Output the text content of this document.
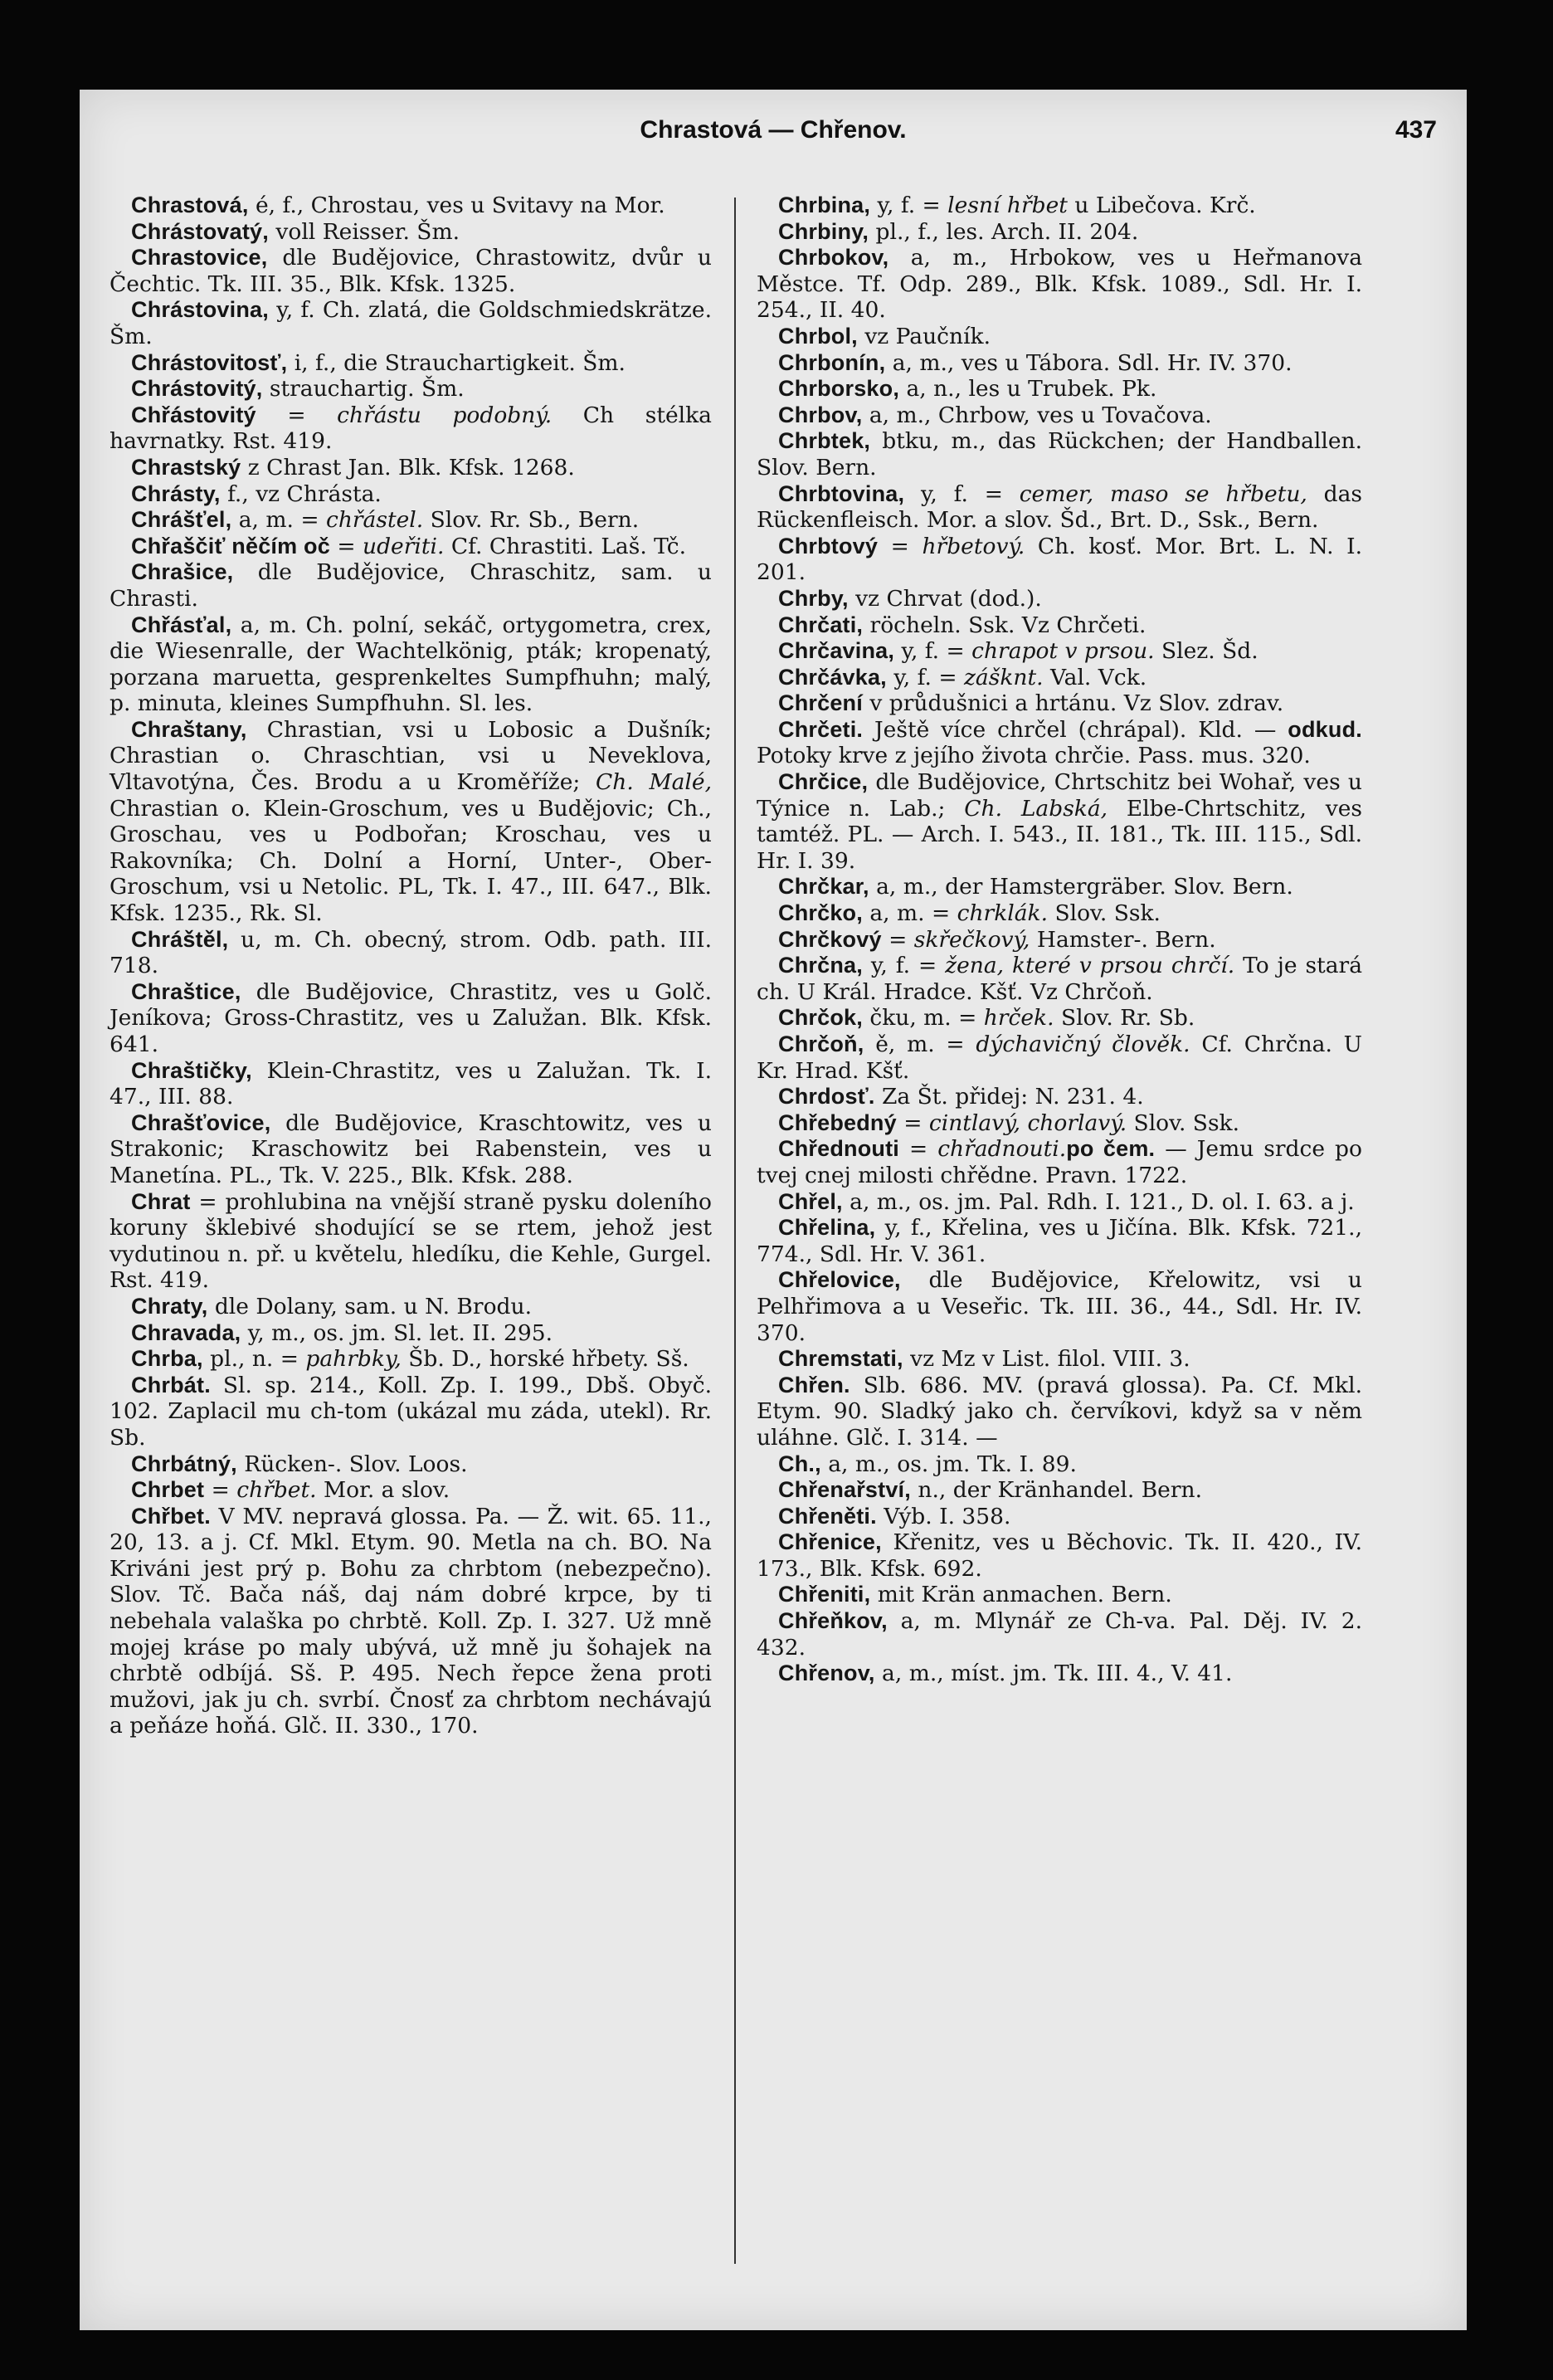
Chrastová — Chřenov.	437

Chrastová, é, f., Chrostau, ves u Svitavy na Mor.

Chrástovatý, voll Reisser. Šm.

Chrastovice, dle Budějovice, Chrastowitz, dvůr u Čechtic. Tk. III. 35., Blk. Kfsk. 1325.

Chrástovina, y, f. Ch. zlatá, die Goldschmiedskrätze. Šm.

Chrástovitosť, i, f., die Strauchartigkeit. Šm.

Chrástovitý, strauchartig. Šm.

Chřástovitý = chřástu podobný. Ch stélka havrnatky. Rst. 419.

Chrastský z Chrast Jan. Blk. Kfsk. 1268.

Chrásty, f., vz Chrásta.

Chrášťel, a, m. = chřástel. Slov. Rr. Sb., Bern.

Chřaščiť něčím oč = udeřiti. Cf. Chrastiti. Laš. Tč.

Chrašice, dle Budějovice, Chraschitz, sam. u Chrasti.

Chřásťal, a, m. Ch. polní, sekáč, ortygometra, crex, die Wiesenralle, der Wachtelkönig, pták; kropenatý, porzana maruetta, gesprenkeltes Sumpfhuhn; malý, p. minuta, kleines Sumpfhuhn. Sl. les.

Chraštany, Chrastian, vsi u Lobosic a Dušník; Chrastian o. Chraschtian, vsi u Neveklova, Vltavotýna, Čes. Brodu a u Kroměříže; Ch. Malé, Chrastian o. Klein-Groschum, ves u Budějovic; Ch., Groschau, ves u Podbořan; Kroschau, ves u Rakovníka; Ch. Dolní a Horní, Unter-, Ober-Groschum, vsi u Netolic. PL, Tk. I. 47., III. 647., Blk. Kfsk. 1235., Rk. Sl.

Chráštěl, u, m. Ch. obecný, strom. Odb. path. III. 718.

Chraštice, dle Budějovice, Chrastitz, ves u Golč. Jeníkova; Gross-Chrastitz, ves u Zalužan. Blk. Kfsk. 641.

Chraštičky, Klein-Chrastitz, ves u Zalužan. Tk. I. 47., III. 88.

Chrašťovice, dle Budějovice, Kraschtowitz, ves u Strakonic; Kraschowitz bei Rabenstein, ves u Manetína. PL., Tk. V. 225., Blk. Kfsk. 288.

Chrat = prohlubina na vnější straně pysku doleního koruny šklebivé shodující se se rtem, jehož jest vydutinou n. př. u květelu, hledíku, die Kehle, Gurgel. Rst. 419.

Chraty, dle Dolany, sam. u N. Brodu.

Chravada, y, m., os. jm. Sl. let. II. 295.

Chrba, pl., n. = pahrbky, Šb. D., horské hřbety. Sš.

Chrbát. Sl. sp. 214., Koll. Zp. I. 199., Dbš. Obyč. 102. Zaplacil mu ch-tom (ukázal mu záda, utekl). Rr. Sb.

Chrbátný, Rücken-. Slov. Loos.

Chrbet = chřbet. Mor. a slov.

Chřbet. V MV. nepravá glossa. Pa. — Ž. wit. 65. 11., 20, 13. a j. Cf. Mkl. Etym. 90. Metla na ch. BO. Na Kriváni jest prý p. Bohu za chrbtom (nebezpečno). Slov. Tč. Bača náš, daj nám dobré krpce, by ti nebehala valaška po chrbtě. Koll. Zp. I. 327. Už mně mojej kráse po maly ubývá, už mně ju šohajek na chrbtě odbíjá. Sš. P. 495. Nech řepce žena proti mužovi, jak ju ch. svrbí. Čnosť za chrbtom nechávajú a peňáze hoňá. Glč. II. 330., 170.

Chrbina, y, f. = lesní hřbet u Libečova. Krč.

Chrbiny, pl., f., les. Arch. II. 204.

Chrbokov, a, m., Hrbokow, ves u Heřmanova Městce. Tf. Odp. 289., Blk. Kfsk. 1089., Sdl. Hr. I. 254., II. 40.

Chrbol, vz Paučník.

Chrbonín, a, m., ves u Tábora. Sdl. Hr. IV. 370.

Chrborsko, a, n., les u Trubek. Pk.

Chrbov, a, m., Chrbow, ves u Tovačova.

Chrbtek, btku, m., das Rückchen; der Handballen. Slov. Bern.

Chrbtovina, y, f. = cemer, maso se hřbetu, das Rückenfleisch. Mor. a slov. Šd., Brt. D., Ssk., Bern.

Chrbtový = hřbetový. Ch. kosť. Mor. Brt. L. N. I. 201.

Chrby, vz Chrvat (dod.).

Chrčati, röcheln. Ssk. Vz Chrčeti.

Chrčavina, y, f. = chrapot v prsou. Slez. Šd.

Chrčávka, y, f. = zášknt. Val. Vck.

Chrčení v průdušnici a hrtánu. Vz Slov. zdrav.

Chrčeti. Ještě více chrčel (chrápal). Kld. — odkud. Potoky krve z jejího života chrčie. Pass. mus. 320.

Chrčice, dle Budějovice, Chrtschitz bei Wohař, ves u Týnice n. Lab.; Ch. Labská, Elbe-Chrtschitz, ves tamtéž. PL. — Arch. I. 543., II. 181., Tk. III. 115., Sdl. Hr. I. 39.

Chrčkar, a, m., der Hamstergräber. Slov. Bern.

Chrčko, a, m. = chrklák. Slov. Ssk.

Chrčkový = skřečkový, Hamster-. Bern.

Chrčna, y, f. = žena, které v prsou chrčí. To je stará ch. U Král. Hradce. Kšť. Vz Chrčoň.

Chrčok, čku, m. = hrček. Slov. Rr. Sb.

Chrčoň, ě, m. = dýchavičný člověk. Cf. Chrčna. U Kr. Hrad. Kšť.

Chrdosť. Za Št. přidej: N. 231. 4.

Chřebedný = cintlavý, chorlavý. Slov. Ssk.

Chřednouti = chřadnouti.po čem. — Jemu srdce po tvej cnej milosti chřědne. Pravn. 1722.

Chřel, a, m., os. jm. Pal. Rdh. I. 121., D. ol. I. 63. a j.

Chřelina, y, f., Křelina, ves u Jičína. Blk. Kfsk. 721., 774., Sdl. Hr. V. 361.

Chřelovice, dle Budějovice, Křelowitz, vsi u Pelhřimova a u Veseřic. Tk. III. 36., 44., Sdl. Hr. IV. 370.

Chremstati, vz Mz v List. filol. VIII. 3.

Chřen. Slb. 686. MV. (pravá glossa). Pa. Cf. Mkl. Etym. 90. Sladký jako ch. červíkovi, když sa v něm uláhne. Glč. I. 314. —

Ch., a, m., os. jm. Tk. I. 89.

Chřenařství, n., der Kränhandel. Bern.

Chřeněti. Výb. I. 358.

Chřenice, Křenitz, ves u Běchovic. Tk. II. 420., IV. 173., Blk. Kfsk. 692.

Chřeniti, mit Krän anmachen. Bern.

Chřeňkov, a, m. Mlynář ze Ch-va. Pal. Děj. IV. 2. 432.

Chřenov, a, m., míst. jm. Tk. III. 4., V. 41.
